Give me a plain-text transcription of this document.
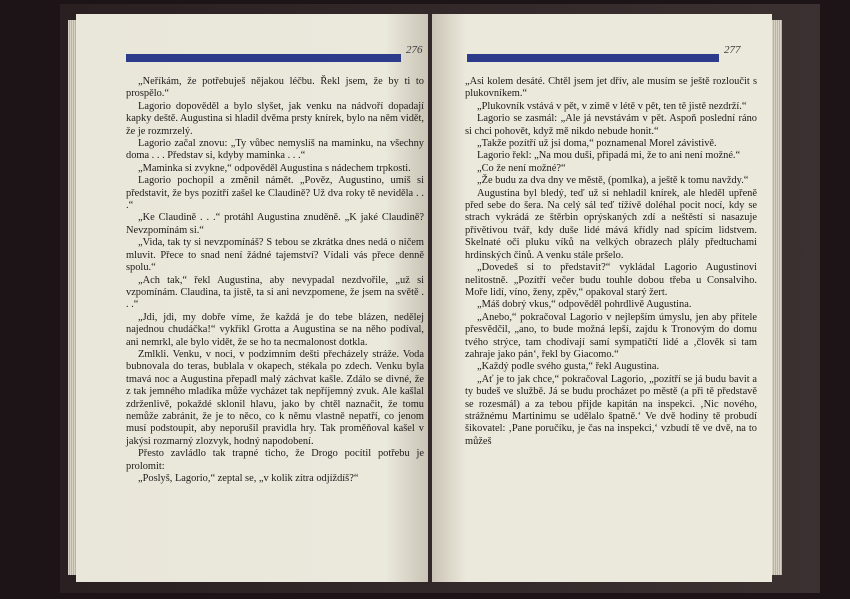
276

„Neříkám, že potřebuješ nějakou léčbu. Řekl jsem, že by ti to prospělo.“

Lagorio dopověděl a bylo slyšet, jak venku na nádvoří dopadají kapky deště. Augustina si hladil dvěma prsty knírek, bylo na něm vidět, že je rozmrzelý.

Lagorio začal znovu: „Ty vůbec nemyslíš na maminku, na všechny doma . . . Představ si, kdyby maminka . . .“

„Maminka si zvykne,“ odpověděl Augustina s nádechem trpkosti.

Lagorio pochopil a změnil námět. „Pověz, Augustino, umíš si představit, že bys pozítří zašel ke Claudině? Už dva roky tě neviděla . . .“

„Ke Claudině . . .“ protáhl Augustina znuděně. „K jaké Claudině? Nevzpomínám si.“

„Vida, tak ty si nevzpomínáš? S tebou se zkrátka dnes nedá o ničem mluvit. Přece to snad není žádné tajemství? Vídali vás přece denně spolu.“

„Ach tak,“ řekl Augustina, aby nevypadal nezdvořile, „už si vzpomínám. Claudina, ta jistě, ta si ani nevzpomene, že jsem na světě . . .“

„Jdi, jdi, my dobře víme, že každá je do tebe blázen, nedělej najednou chudáčka!“ vykřikl Grotta a Augustina se na něho podíval, ani nemrkl, ale bylo vidět, že se ho ta necmalonost dotkla.

Zmlkli. Venku, v noci, v podzimním dešti přecházely stráže. Voda bubnovala do teras, bublala v okapech, stékala po zdech. Venku byla tmavá noc a Augustina přepadl malý záchvat kašle. Zdálo se divné, že z tak jemného mladíka může vycházet tak nepříjemný zvuk. Ale kašlal zdrženlivě, pokaždé sklonil hlavu, jako by chtěl naznačit, že tomu nemůže zabránit, že je to něco, co k němu vlastně nepatří, co jenom musí podstoupit, aby neporušil pravidla hry. Tak proměňoval kašel v jakýsi rozmarný zlozvyk, hodný napodobení.

Přesto zavládlo tak trapné ticho, že Drogo pocítil potřebu je prolomit:

„Poslyš, Lagorio,“ zeptal se, „v kolik zítra odjíždíš?“

277

„Asi kolem desáté. Chtěl jsem jet dřív, ale musím se ještě rozloučit s plukovníkem.“

„Plukovník vstává v pět, v zimě v létě v pět, ten tě jistě nezdrží.“

Lagorio se zasmál: „Ale já nevstávám v pět. Aspoň poslední ráno si chci pohovět, když mě nikdo nebude honit.“

„Takže pozítří už jsi doma,“ poznamenal Morel závistivě.

Lagorio řekl: „Na mou duši, připadá mi, že to ani není možné.“

„Co že není možné?“

„Že budu za dva dny ve městě, (pomlka), a ještě k tomu navždy.“

Augustina byl bledý, teď už si nehladil knírek, ale hleděl upřeně před sebe do šera. Na celý sál teď tížívě doléhal pocit nocí, kdy se strach vykrádá ze štěrbin oprýskaných zdí a neštěstí si nasazuje přívětivou tvář, kdy duše lidé mává křídly nad spícím lidstvem. Skelnaté oči pluku víků na velkých obrazech plály předtuchami hrdinských činů. A venku stále pršelo.

„Dovedeš si to představit?“ vykládal Lagorio Augustinovi nelitostně. „Pozítří večer budu touhle dobou třeba u Consalviho. Moře lidí, víno, ženy, zpěv,“ opakoval starý žert.

„Máš dobrý vkus,“ odpověděl pohrdlivě Augustina.

„Anebo,“ pokračoval Lagorio v nejlepším úmyslu, jen aby přítele přesvědčil, „ano, to bude možná lepší, zajdu k Tronovým do domu tvého strýce, tam chodívají samí sympatičtí lidé a ‚člověk si tam zahraje jako pán‘, řekl by Giacomo.“

„Každý podle svého gusta,“ řekl Augustina.

„Ať je to jak chce,“ pokračoval Lagorio, „pozítří se já budu bavit a ty budeš ve službě. Já se budu procházet po městě (a při tě představě se rozesmál) a za tebou přijde kapitán na inspekci. ‚Nic nového, strážnému Martinimu se udělalo špatně.‘ Ve dvě hodiny tě probudí šikovatel: ‚Pane poručíku, je čas na inspekci,‘ vzbudí tě ve dvě, na to můžeš
